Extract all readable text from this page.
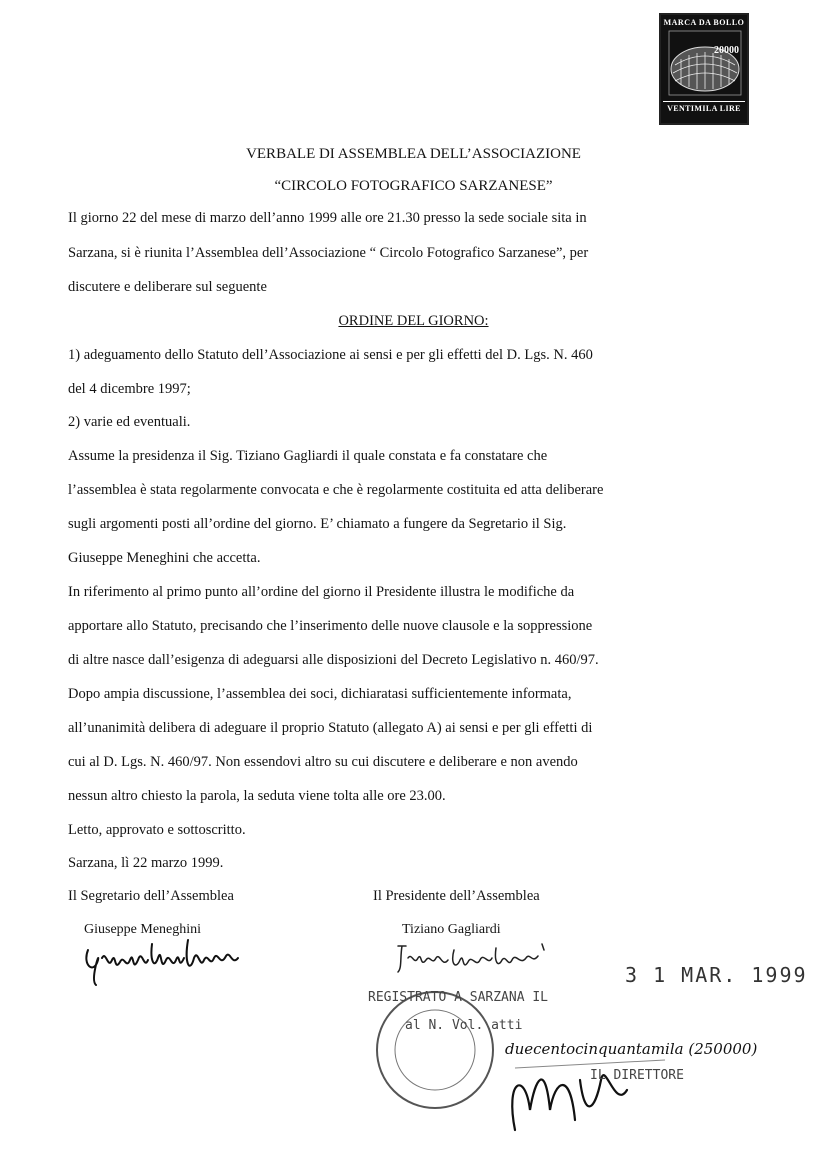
MARCA DA BOLLO
20000
VENTIMILA LIRE
VERBALE DI ASSEMBLEA DELL’ASSOCIAZIONE
“CIRCOLO FOTOGRAFICO SARZANESE”
Il giorno 22 del mese di marzo dell’anno 1999 alle ore 21.30 presso la sede sociale sita in
Sarzana, si è riunita l’Assemblea dell’Associazione “ Circolo Fotografico Sarzanese”, per
discutere e deliberare sul seguente
ORDINE DEL GIORNO:
1) adeguamento dello Statuto dell’Associazione ai sensi e per gli effetti del D. Lgs. N. 460
del 4 dicembre 1997;
2) varie ed eventuali.
Assume la presidenza il Sig. Tiziano Gagliardi il quale constata e fa constatare che
l’assemblea è stata regolarmente convocata e che è regolarmente costituita ed atta deliberare
sugli argomenti posti all’ordine del giorno. E’ chiamato a fungere da Segretario il Sig.
Giuseppe Meneghini che accetta.
In riferimento al primo punto all’ordine del giorno il Presidente illustra le modifiche da
apportare allo Statuto, precisando che l’inserimento delle nuove clausole e la soppressione
di altre nasce dall’esigenza di adeguarsi alle disposizioni del Decreto Legislativo n. 460/97.
Dopo ampia discussione, l’assemblea dei soci, dichiaratasi sufficientemente informata,
all’unanimità delibera di adeguare il proprio Statuto (allegato A) ai sensi e per gli effetti di
cui al D. Lgs. N. 460/97. Non essendovi altro su cui discutere e deliberare e non avendo
nessun altro chiesto la parola, la seduta viene tolta alle ore 23.00.
Letto, approvato e sottoscritto.
Sarzana, lì 22 marzo 1999.
Il Segretario dell’Assemblea	Il Presidente dell’Assemblea
Giuseppe Meneghini	Tiziano Gagliardi
3 1 MAR. 1999
REGISTRATO A SARZANA IL
al N. Vol. atti
duecentocinquantamila (250000)
IL DIRETTORE
